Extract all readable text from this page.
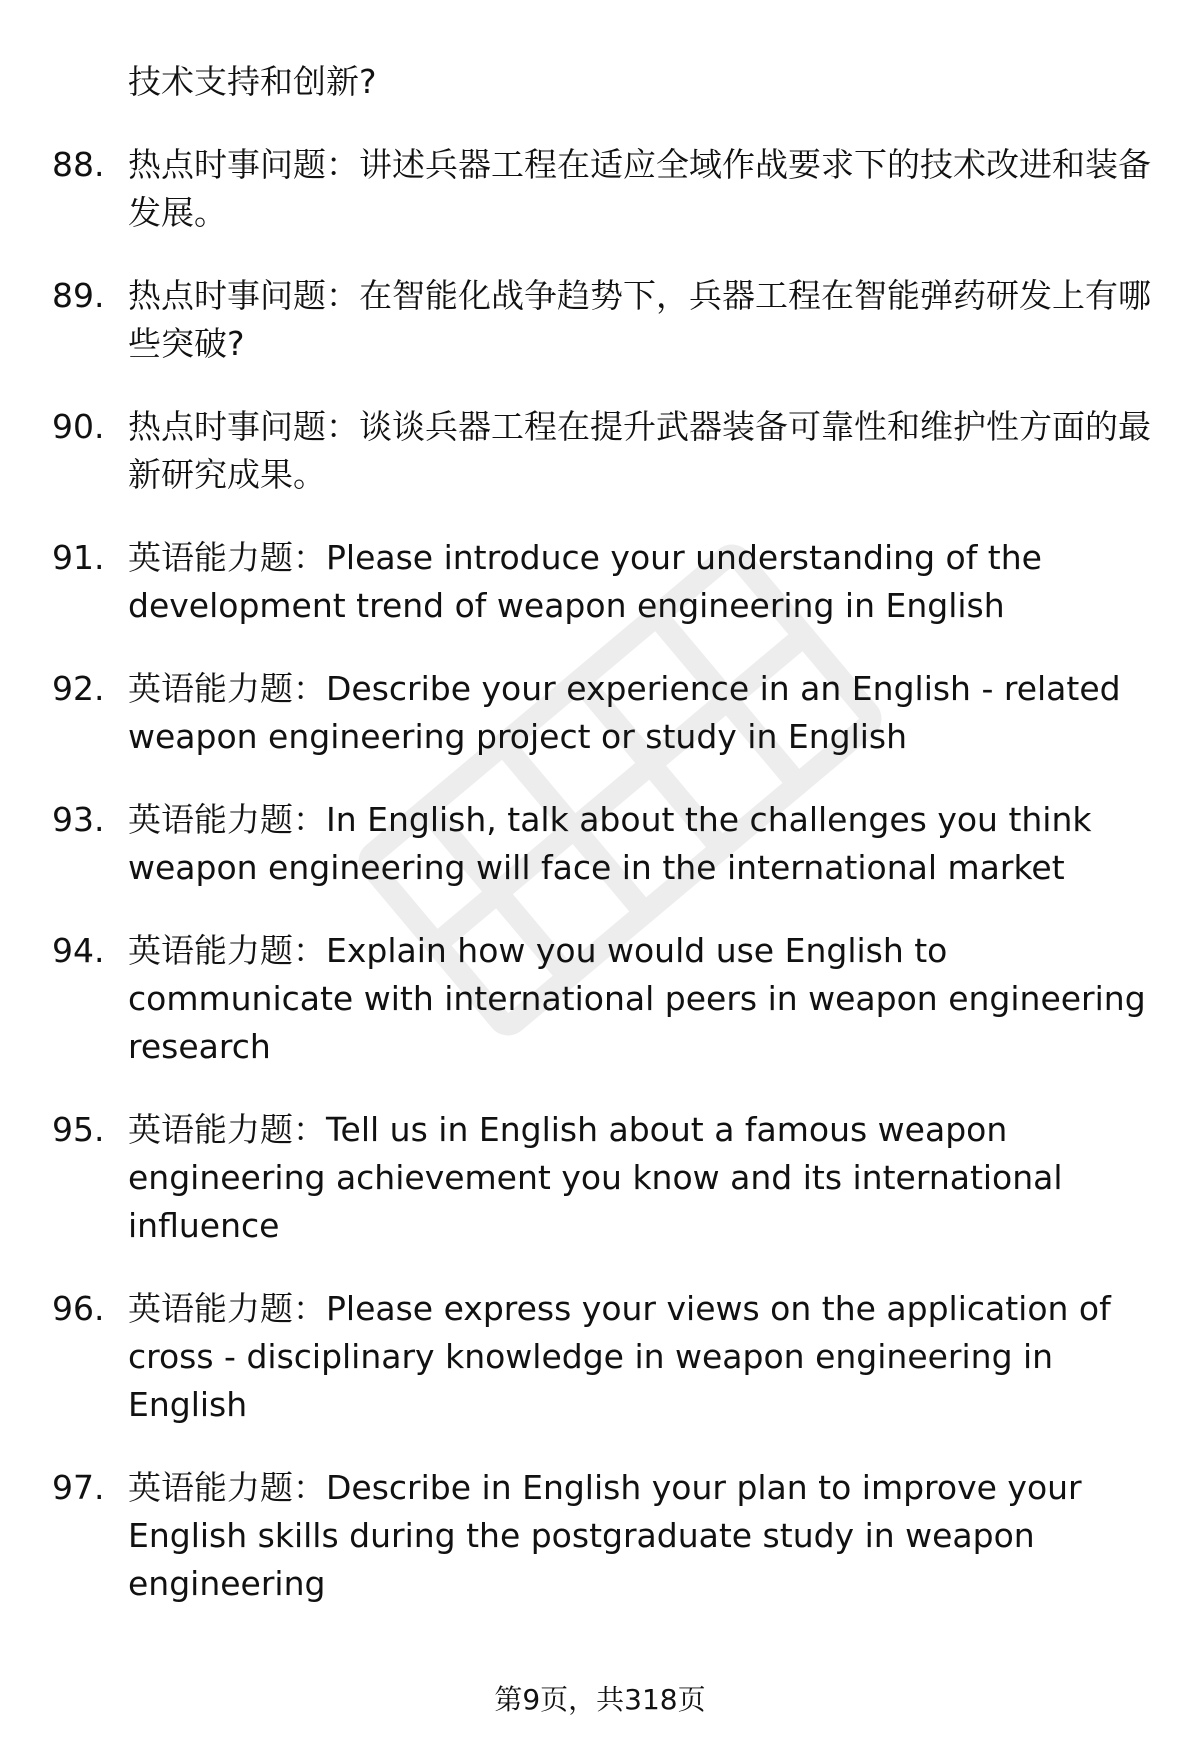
技术支持和创新?
88. 热点时事问题：讲述兵器工程在适应全域作战要求下的技术改进和装备发展。
89. 热点时事问题：在智能化战争趋势下，兵器工程在智能弹药研发上有哪些突破?
90. 热点时事问题：谈谈兵器工程在提升武器装备可靠性和维护性方面的最新研究成果。
91. 英语能力题：Please introduce your understanding of the development trend of weapon engineering in English
92. 英语能力题：Describe your experience in an English - related weapon engineering project or study in English
93. 英语能力题：In English, talk about the challenges you think weapon engineering will face in the international market
94. 英语能力题：Explain how you would use English to communicate with international peers in weapon engineering research
95. 英语能力题：Tell us in English about a famous weapon engineering achievement you know and its international influence
96. 英语能力题：Please express your views on the application of cross - disciplinary knowledge in weapon engineering in English
97. 英语能力题：Describe in English your plan to improve your English skills during the postgraduate study in weapon engineering
第9页，共318页
